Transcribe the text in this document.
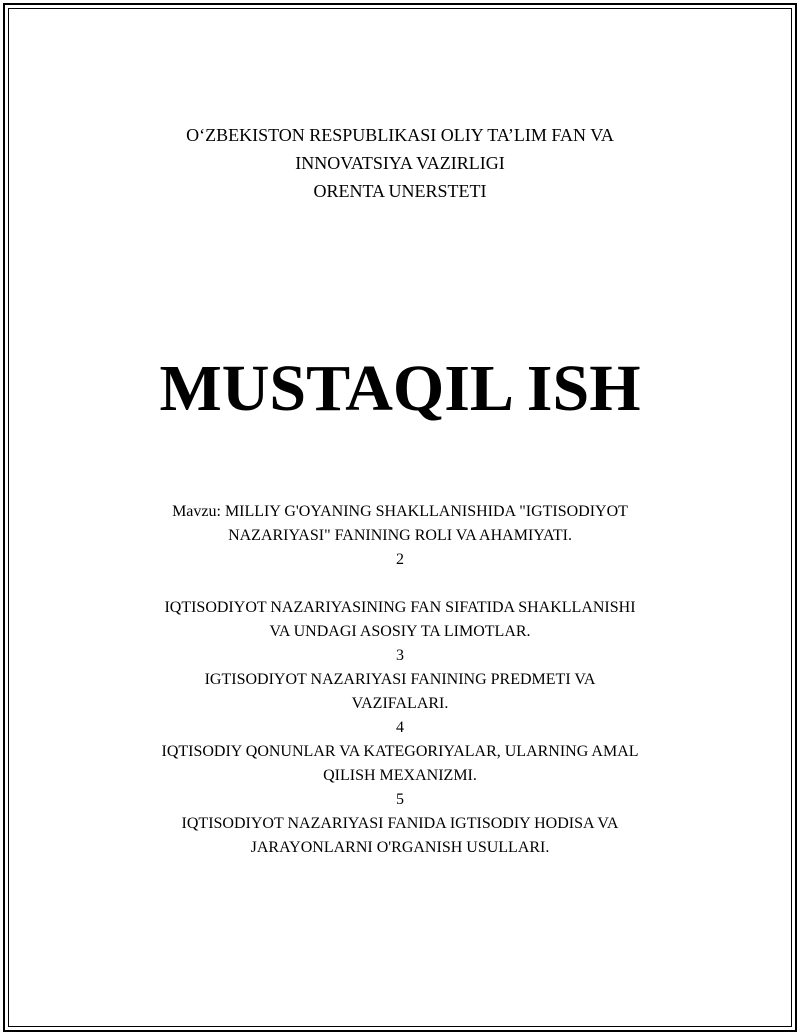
O‘ZBEKISTON RESPUBLIKASI OLIY TA’LIM FAN VA
INNOVATSIYA VAZIRLIGI
ORENTA UNERSTETI
MUSTAQIL ISH
Mavzu: MILLIY G'OYANING SHAKLLANISHIDA "IGTISODIYOT
NAZARIYASI" FANINING ROLI VA AHAMIYATI.
2
IQTISODIYOT NAZARIYASINING FAN SIFATIDA SHAKLLANISHI
VA UNDAGI ASOSIY TA LIMOTLAR.
3
IGTISODIYOT NAZARIYASI FANINING PREDMETI VA
VAZIFALARI.
4
IQTISODIY QONUNLAR VA KATEGORIYALAR, ULARNING AMAL
QILISH MEXANIZMI.
5
IQTISODIYOT NAZARIYASI FANIDA IGTISODIY HODISA VA
JARAYONLARNI O'RGANISH USULLARI.
